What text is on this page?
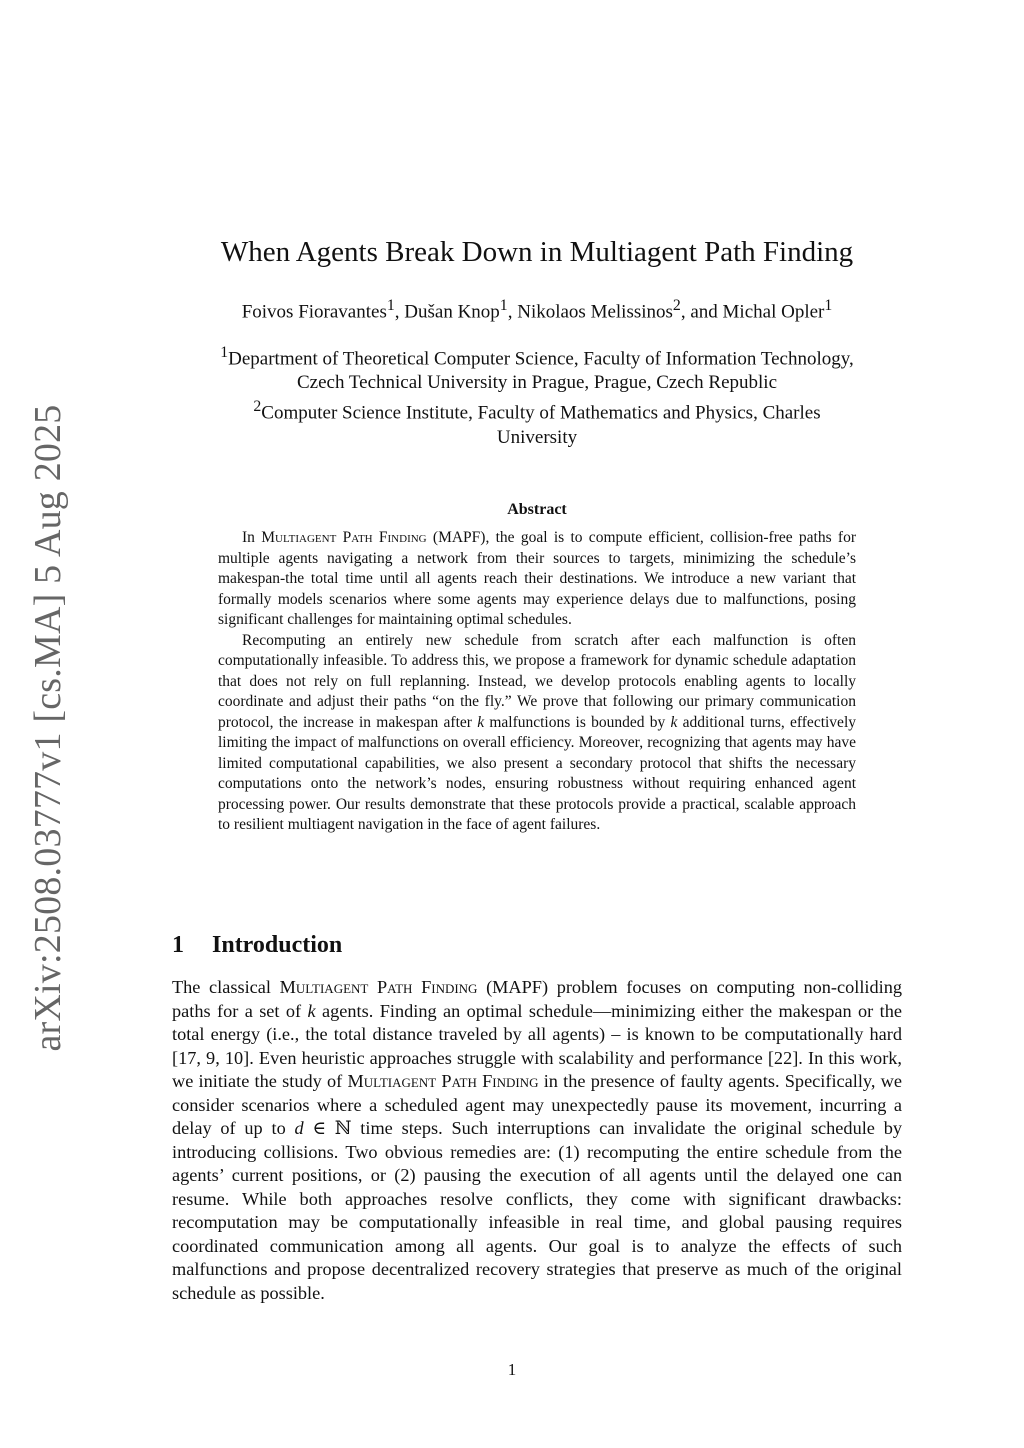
arXiv:2508.03777v1 [cs.MA] 5 Aug 2025
When Agents Break Down in Multiagent Path Finding
Foivos Fioravantes$^1$, Dušan Knop$^1$, Nikolaos Melissinos$^2$, and Michal Opler$^1$
$^1$Department of Theoretical Computer Science, Faculty of Information Technology,
Czech Technical University in Prague, Prague, Czech Republic
$^2$Computer Science Institute, Faculty of Mathematics and Physics, Charles
University
Abstract

In Multiagent Path Finding (MAPF), the goal is to compute efficient, collision-free paths for multiple agents navigating a network from their sources to targets, minimizing the schedule’s makespan-the total time until all agents reach their destinations. We introduce a new variant that formally models scenarios where some agents may experience delays due to malfunctions, posing significant challenges for maintaining optimal schedules.

Recomputing an entirely new schedule from scratch after each malfunction is often computationally infeasible. To address this, we propose a framework for dynamic schedule adaptation that does not rely on full replanning. Instead, we develop protocols enabling agents to locally coordinate and adjust their paths “on the fly.” We prove that following our primary communication protocol, the increase in makespan after k malfunctions is bounded by k additional turns, effectively limiting the impact of malfunctions on overall efficiency. Moreover, recognizing that agents may have limited computational capabilities, we also present a secondary protocol that shifts the necessary computations onto the network’s nodes, ensuring robustness without requiring enhanced agent processing power. Our results demonstrate that these protocols provide a practical, scalable approach to resilient multiagent navigation in the face of agent failures.

1 Introduction

The classical Multiagent Path Finding (MAPF) problem focuses on computing non-colliding paths for a set of k agents. Finding an optimal schedule—minimizing either the makespan or the total energy (i.e., the total distance traveled by all agents) – is known to be computationally hard [17, 9, 10]. Even heuristic approaches struggle with scalability and performance [22]. In this work, we initiate the study of Multiagent Path Finding in the presence of faulty agents. Specifically, we consider scenarios where a scheduled agent may unexpectedly pause its movement, incurring a delay of up to d ∈ ℕ time steps. Such interruptions can invalidate the original schedule by introducing collisions. Two obvious remedies are: (1) recomputing the entire schedule from the agents’ current positions, or (2) pausing the execution of all agents until the delayed one can resume. While both approaches resolve conflicts, they come with significant drawbacks: recomputation may be computationally infeasible in real time, and global pausing requires coordinated communication among all agents. Our goal is to analyze the effects of such malfunctions and propose decentralized recovery strategies that preserve as much of the original schedule as possible.

1
